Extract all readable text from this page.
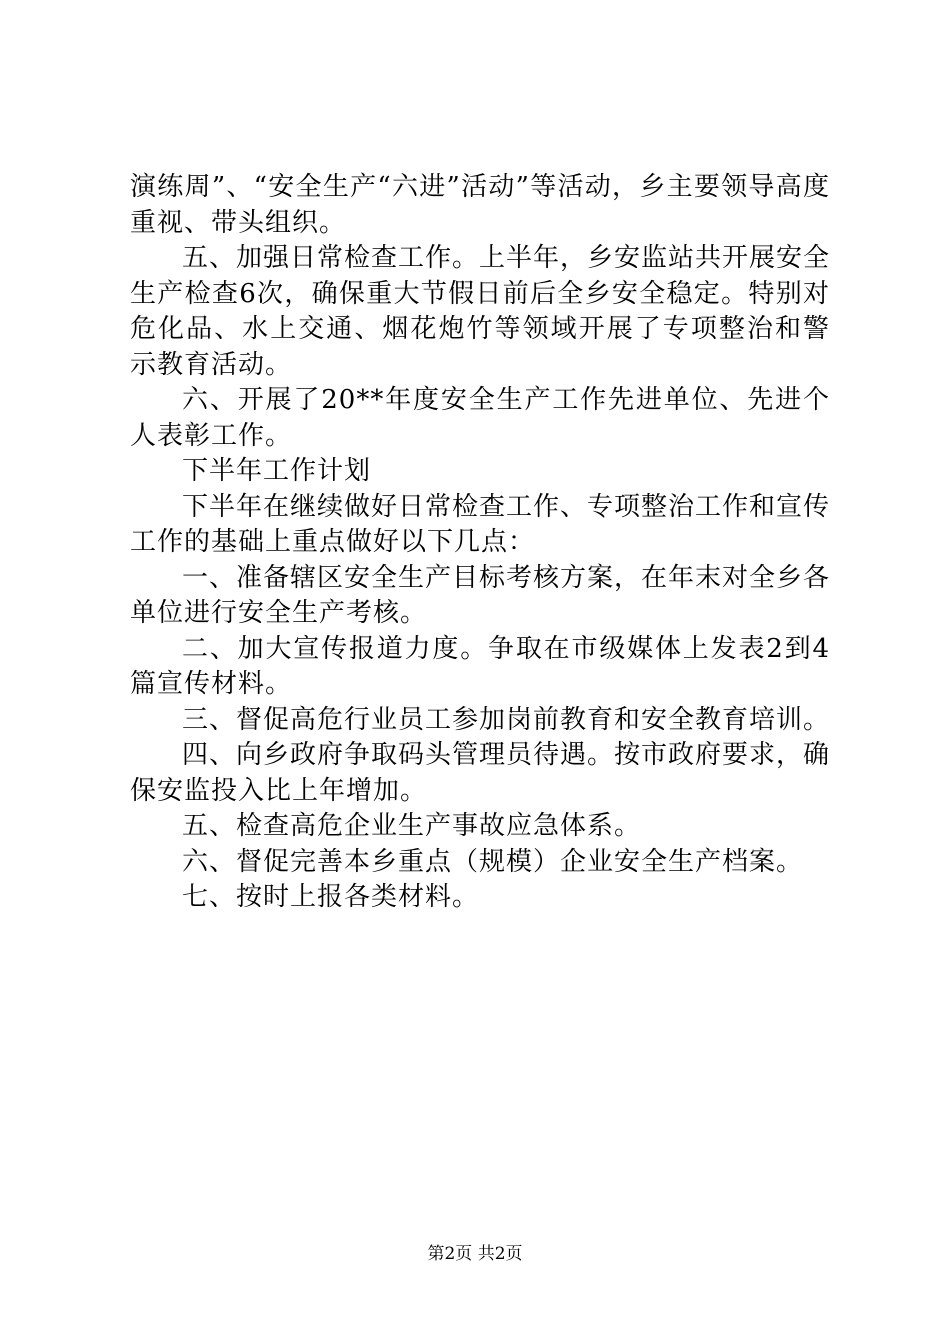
演练周”、“安全生产“六进”活动”等活动，乡主要领导高度重视、带头组织。

五、加强日常检查工作。上半年，乡安监站共开展安全生产检查6次，确保重大节假日前后全乡安全稳定。特别对危化品、水上交通、烟花炮竹等领域开展了专项整治和警示教育活动。

六、开展了20**年度安全生产工作先进单位、先进个人表彰工作。

下半年工作计划

下半年在继续做好日常检查工作、专项整治工作和宣传工作的基础上重点做好以下几点：

一、准备辖区安全生产目标考核方案，在年末对全乡各单位进行安全生产考核。

二、加大宣传报道力度。争取在市级媒体上发表2到4篇宣传材料。

三、督促高危行业员工参加岗前教育和安全教育培训。

四、向乡政府争取码头管理员待遇。按市政府要求，确保安监投入比上年增加。

五、检查高危企业生产事故应急体系。

六、督促完善本乡重点（规模）企业安全生产档案。

七、按时上报各类材料。

第2页 共2页
